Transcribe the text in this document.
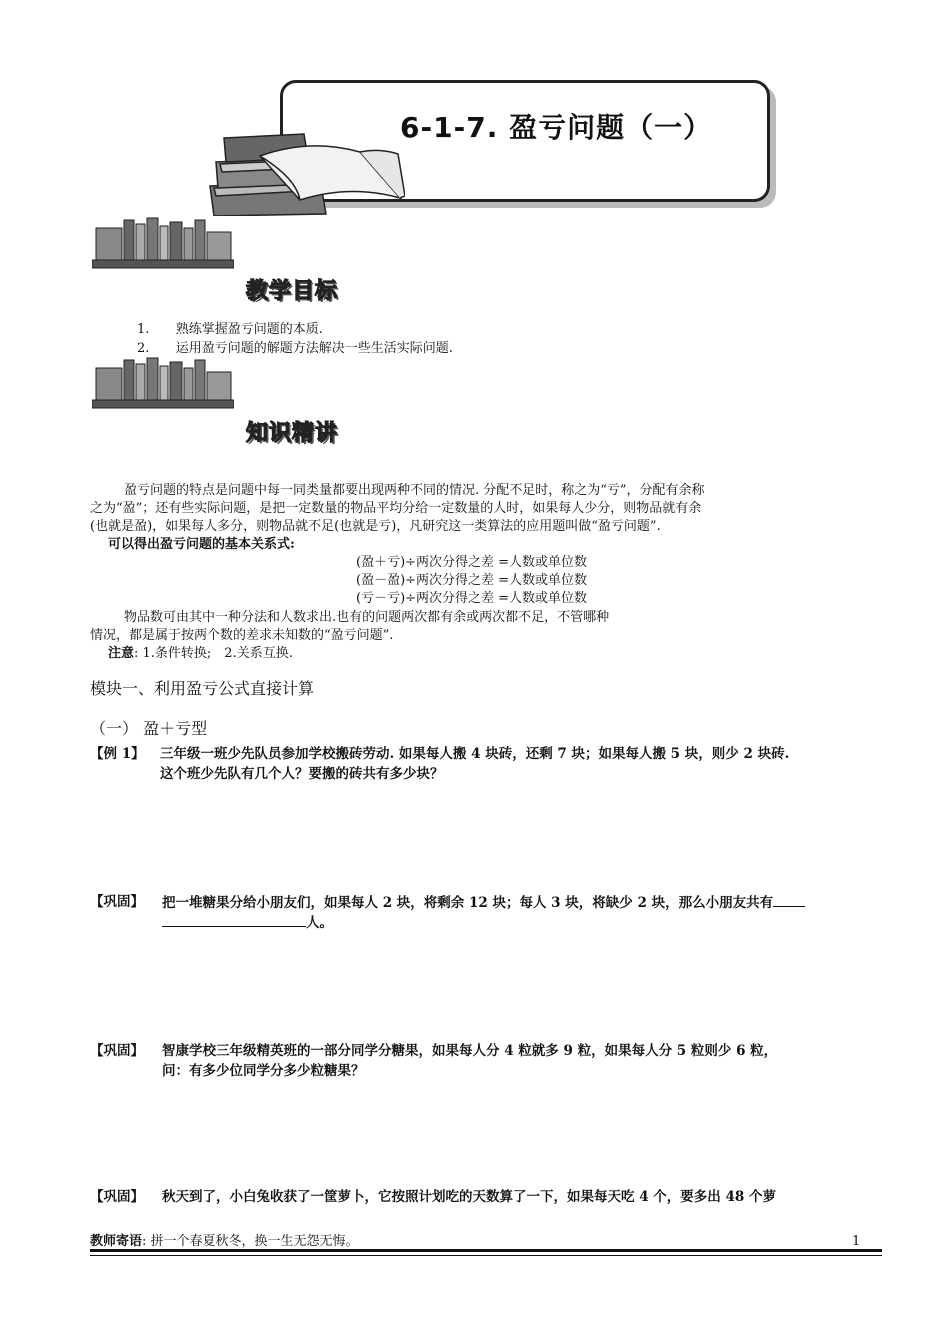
6-1-7. 盈亏问题（一）
教学目标
1. 熟练掌握盈亏问题的本质.
2. 运用盈亏问题的解题方法解决一些生活实际问题.
知识精讲
盈亏问题的特点是问题中每一同类量都要出现两种不同的情况. 分配不足时，称之为“亏”，分配有余称
之为“盈”；还有些实际问题，是把一定数量的物品平均分给一定数量的人时，如果每人少分，则物品就有余
(也就是盈)，如果每人多分，则物品就不足(也就是亏)，凡研究这一类算法的应用题叫做“盈亏问题”.
可以得出盈亏问题的基本关系式:
(盈＋亏)÷两次分得之差 =人数或单位数
(盈－盈)÷两次分得之差 =人数或单位数
(亏－亏)÷两次分得之差 =人数或单位数
物品数可由其中一种分法和人数求出.也有的问题两次都有余或两次都不足，不管哪种
情况，都是属于按两个数的差求未知数的“盈亏问题”.
注意: 1.条件转换;　2.关系互换.
模块一、利用盈亏公式直接计算
（一） 盈＋亏型
【例 1】 三年级一班少先队员参加学校搬砖劳动. 如果每人搬 4 块砖，还剩 7 块；如果每人搬 5 块，则少 2 块砖.
这个班少先队有几个人？要搬的砖共有多少块？
【巩固】 把一堆糖果分给小朋友们，如果每人 2 块，将剩余 12 块；每人 3 块，将缺少 2 块，那么小朋友共有
人。
【巩固】 智康学校三年级精英班的一部分同学分糖果，如果每人分 4 粒就多 9 粒，如果每人分 5 粒则少 6 粒，
问：有多少位同学分多少粒糖果？
【巩固】 秋天到了，小白兔收获了一筐萝卜，它按照计划吃的天数算了一下，如果每天吃 4 个，要多出 48 个萝
教师寄语: 拼一个春夏秋冬，换一生无怨无悔。	1
